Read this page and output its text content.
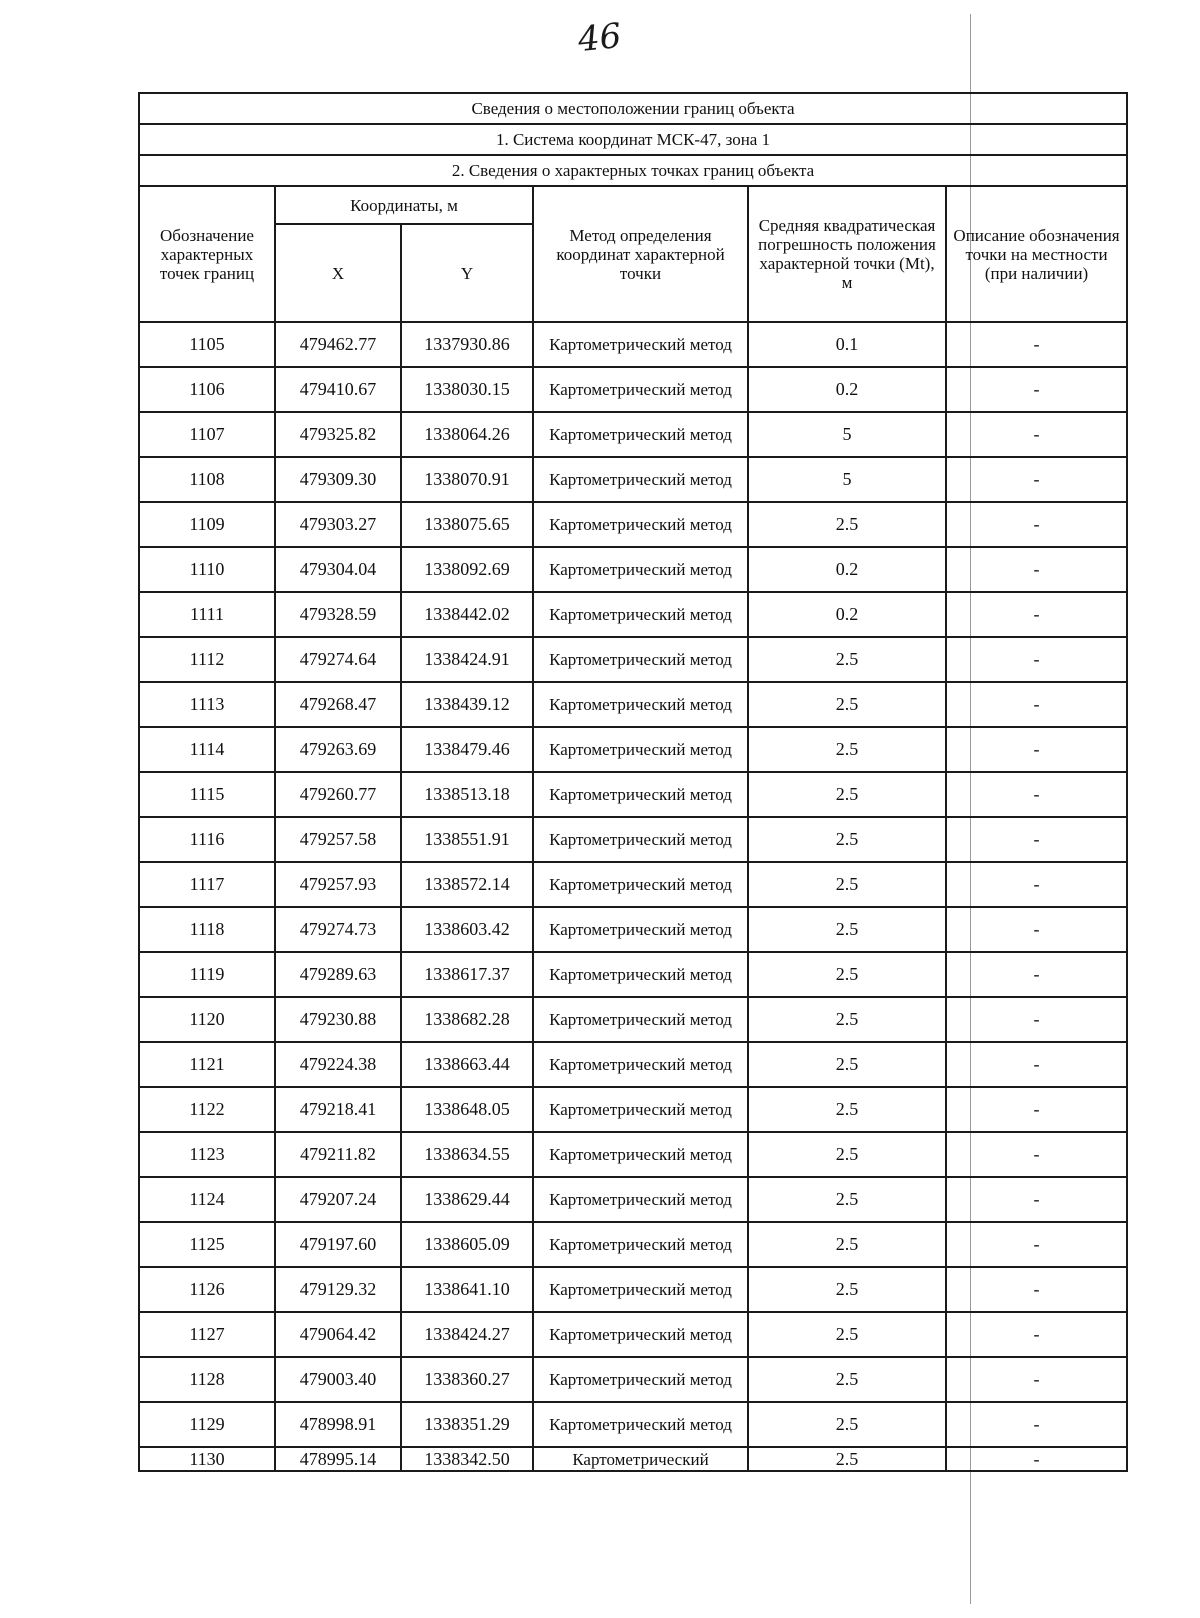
46
Сведения о местоположении границ объекта					
1. Система координат МСК-47, зона 1					
2. Сведения о характерных точках границ объекта					
Обозначение характерных точек границ	Координаты, м		Метод определения координат характерной точки	Средняя квадратическая погрешность положения характерной точки (Mt), м	Описание обозначения точки на местности (при наличии)
	X	Y			
1105	479462.77	1337930.86	Картометрический метод	0.1	-
1106	479410.67	1338030.15	Картометрический метод	0.2	-
1107	479325.82	1338064.26	Картометрический метод	5	-
1108	479309.30	1338070.91	Картометрический метод	5	-
1109	479303.27	1338075.65	Картометрический метод	2.5	-
1110	479304.04	1338092.69	Картометрический метод	0.2	-
1111	479328.59	1338442.02	Картометрический метод	0.2	-
1112	479274.64	1338424.91	Картометрический метод	2.5	-
1113	479268.47	1338439.12	Картометрический метод	2.5	-
1114	479263.69	1338479.46	Картометрический метод	2.5	-
1115	479260.77	1338513.18	Картометрический метод	2.5	-
1116	479257.58	1338551.91	Картометрический метод	2.5	-
1117	479257.93	1338572.14	Картометрический метод	2.5	-
1118	479274.73	1338603.42	Картометрический метод	2.5	-
1119	479289.63	1338617.37	Картометрический метод	2.5	-
1120	479230.88	1338682.28	Картометрический метод	2.5	-
1121	479224.38	1338663.44	Картометрический метод	2.5	-
1122	479218.41	1338648.05	Картометрический метод	2.5	-
1123	479211.82	1338634.55	Картометрический метод	2.5	-
1124	479207.24	1338629.44	Картометрический метод	2.5	-
1125	479197.60	1338605.09	Картометрический метод	2.5	-
1126	479129.32	1338641.10	Картометрический метод	2.5	-
1127	479064.42	1338424.27	Картометрический метод	2.5	-
1128	479003.40	1338360.27	Картометрический метод	2.5	-
1129	478998.91	1338351.29	Картометрический метод	2.5	-
1130	478995.14	1338342.50	Картометрический	2.5	-
